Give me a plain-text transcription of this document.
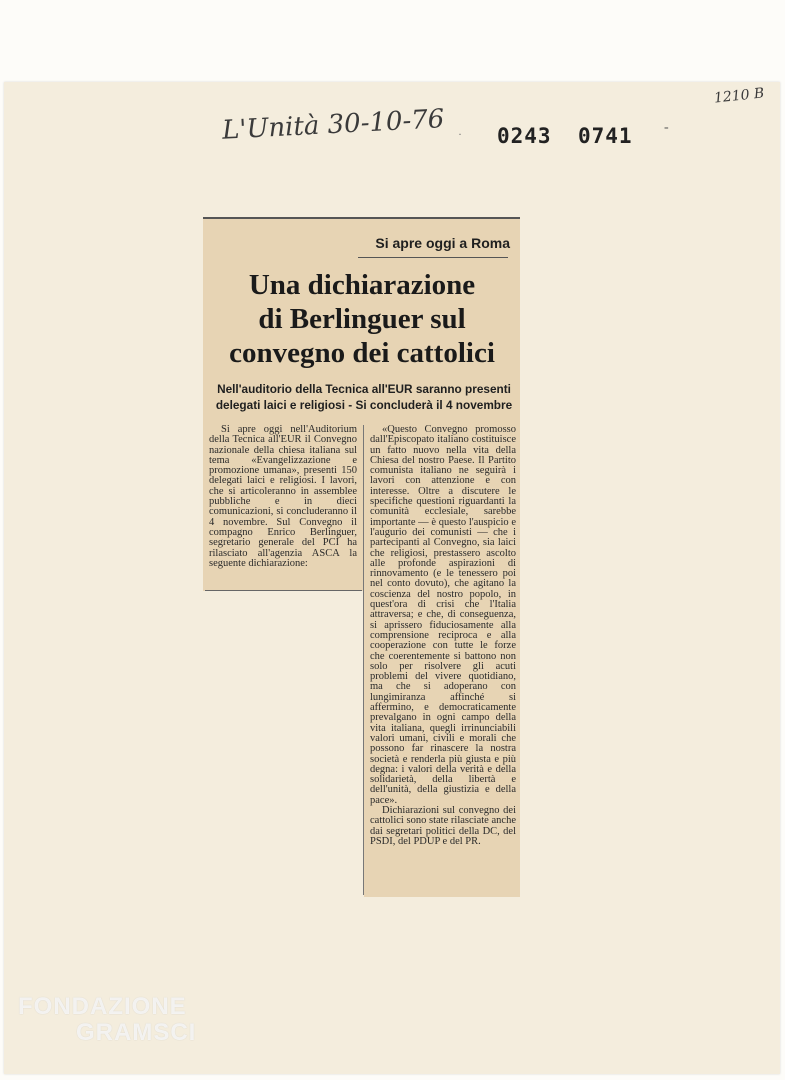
L'Unità 30-10-76
1210 B
· 0243 0741 -
Si apre oggi a Roma
Una dichiarazione
di Berlinguer sul
convegno dei cattolici
Nell'auditorio della Tecnica all'EUR saranno presenti
delegati laici e religiosi - Si concluderà il 4 novembre

Si apre oggi nell'Auditorium della Tecnica all'EUR il Convegno nazionale della chiesa italiana sul tema «Evangelizzazione e promozione umana», presenti 150 delegati laici e religiosi. I lavori, che si articoleranno in assemblee pubbliche e in dieci comunicazioni, si concluderanno il 4 novembre. Sul Convegno il compagno Enrico Berlinguer, segretario generale del PCI ha rilasciato all'agenzia ASCA la seguente dichiarazione:

«Questo Convegno promosso dall'Episcopato italiano costituisce un fatto nuovo nella vita della Chiesa del nostro Paese. Il Partito comunista italiano ne seguirà i lavori con attenzione e con interesse. Oltre a discutere le specifiche questioni riguardanti la comunità ecclesiale, sarebbe importante — è questo l'auspicio e l'augurio dei comunisti — che i partecipanti al Convegno, sia laici che religiosi, prestassero ascolto alle profonde aspirazioni di rinnovamento (e le tenessero poi nel conto dovuto), che agitano la coscienza del nostro popolo, in quest'ora di crisi che l'Italia attraversa; e che, di conseguenza, si aprissero fiduciosamente alla comprensione reciproca e alla cooperazione con tutte le forze che coerentemente si battono non solo per risolvere gli acuti problemi del vivere quotidiano, ma che si adoperano con lungimiranza affinché si affermino, e democraticamente prevalgano in ogni campo della vita italiana, quegli irrinunciabili valori umani, civili e morali che possono far rinascere la nostra società e renderla più giusta e più degna: i valori della verità e della solidarietà, della libertà e dell'unità, della giustizia e della pace».

Dichiarazioni sul convegno dei cattolici sono state rilasciate anche dai segretari politici della DC, del PSDI, del PDUP e del PR.

FONDAZIONE
GRAMSCI
